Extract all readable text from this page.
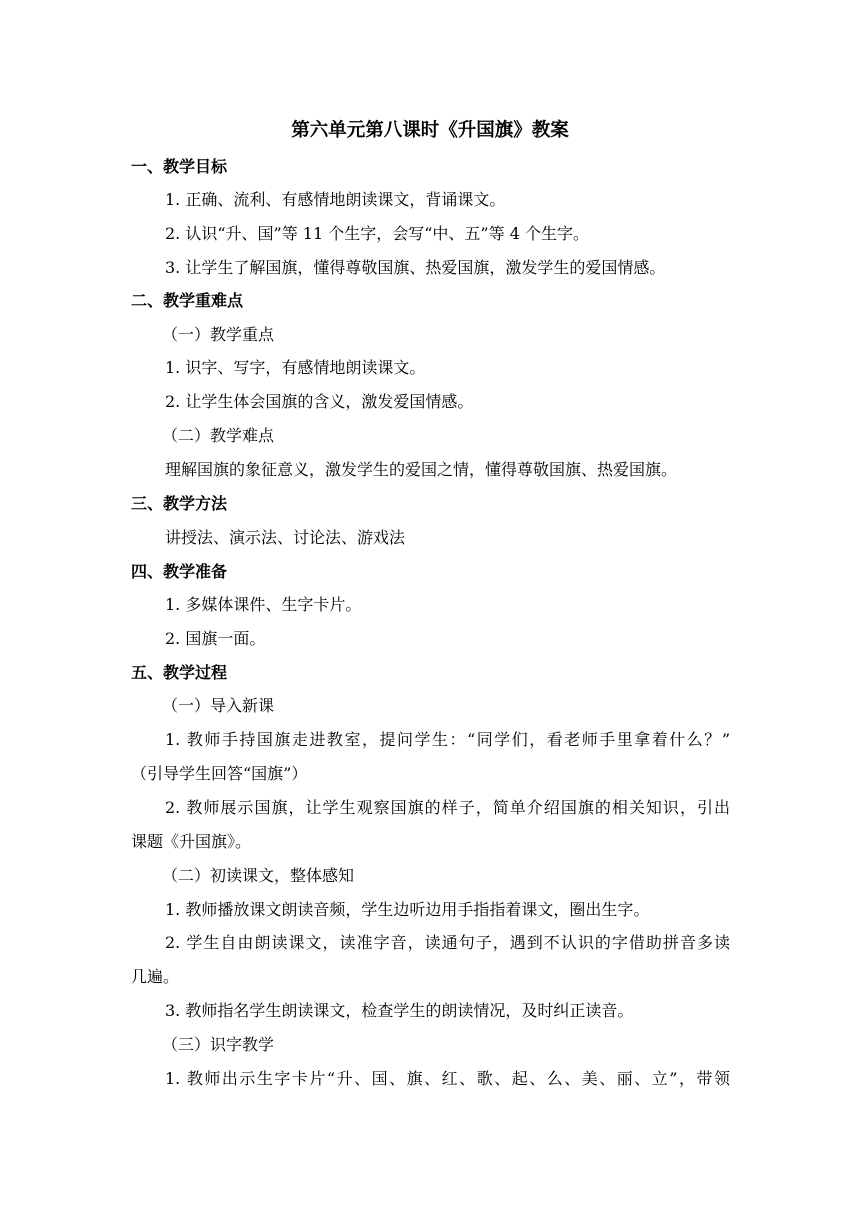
第六单元第八课时《升国旗》教案
一、教学目标
1. 正确、流利、有感情地朗读课文，背诵课文。
2. 认识“升、国”等 11 个生字，会写“中、五”等 4 个生字。
3. 让学生了解国旗，懂得尊敬国旗、热爱国旗，激发学生的爱国情感。
二、教学重难点
（一）教学重点
1. 识字、写字，有感情地朗读课文。
2. 让学生体会国旗的含义，激发爱国情感。
（二）教学难点
理解国旗的象征意义，激发学生的爱国之情，懂得尊敬国旗、热爱国旗。
三、教学方法
讲授法、演示法、讨论法、游戏法
四、教学准备
1. 多媒体课件、生字卡片。
2. 国旗一面。
五、教学过程
（一）导入新课
1. 教师手持国旗走进教室，提问学生：“同学们，看老师手里拿着什么？”
（引导学生回答“国旗”）
2. 教师展示国旗，让学生观察国旗的样子，简单介绍国旗的相关知识，引出
课题《升国旗》。
（二）初读课文，整体感知
1. 教师播放课文朗读音频，学生边听边用手指指着课文，圈出生字。
2. 学生自由朗读课文，读准字音，读通句子，遇到不认识的字借助拼音多读
几遍。
3. 教师指名学生朗读课文，检查学生的朗读情况，及时纠正读音。
（三）识字教学
1. 教师出示生字卡片“升、国、旗、红、歌、起、么、美、丽、立”，带领
